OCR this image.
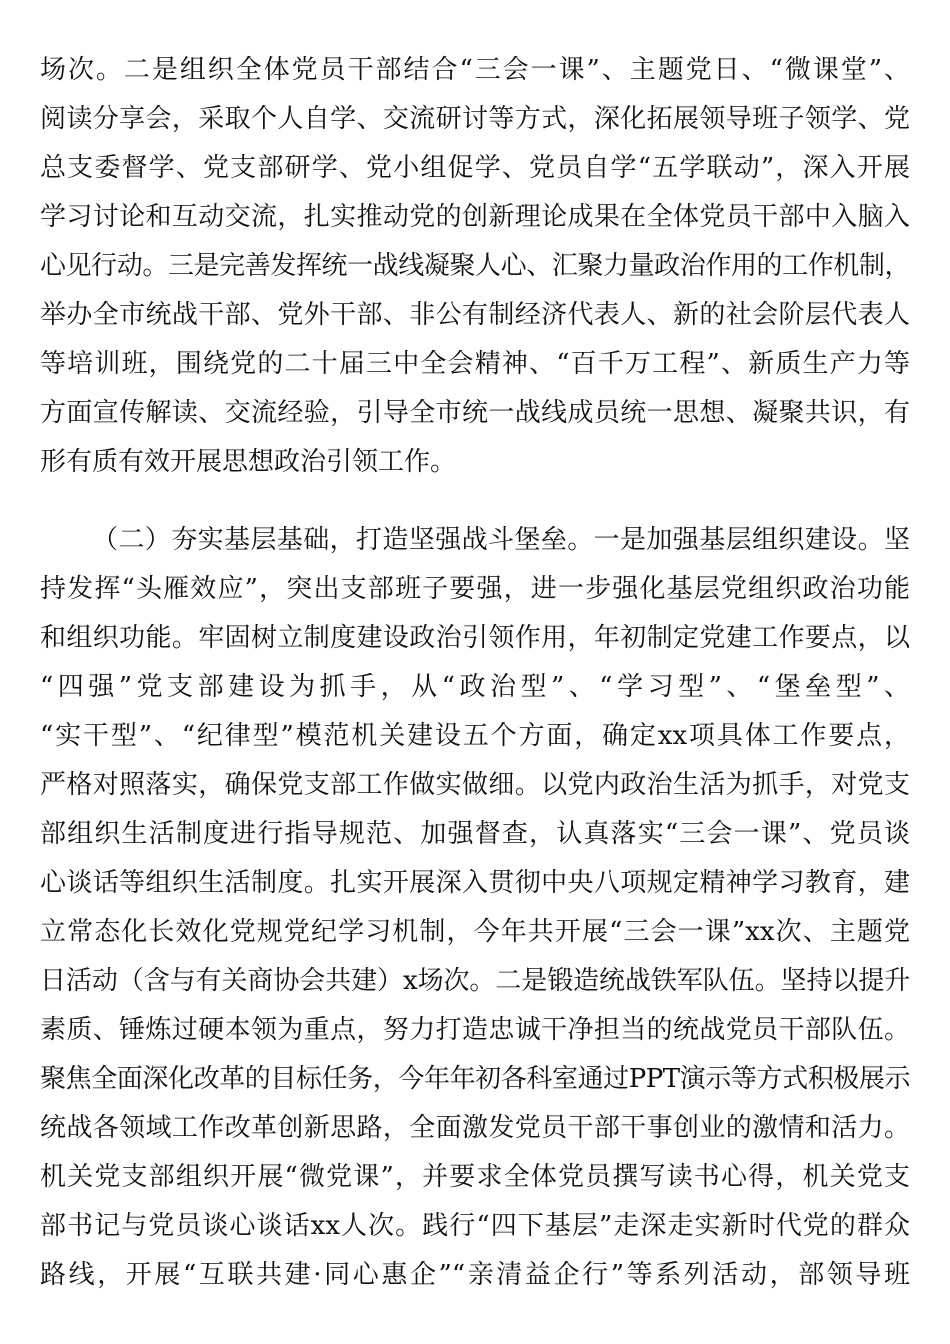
场次。二是组织全体党员干部结合“三会一课”、主题党日、“微课堂”、
阅读分享会，采取个人自学、交流研讨等方式，深化拓展领导班子领学、党
总支委督学、党支部研学、党小组促学、党员自学“五学联动”，深入开展
学习讨论和互动交流，扎实推动党的创新理论成果在全体党员干部中入脑入
心见行动。三是完善发挥统一战线凝聚人心、汇聚力量政治作用的工作机制，
举办全市统战干部、党外干部、非公有制经济代表人、新的社会阶层代表人
等培训班，围绕党的二十届三中全会精神、“百千万工程”、新质生产力等
方面宣传解读、交流经验，引导全市统一战线成员统一思想、凝聚共识，有
形有质有效开展思想政治引领工作。
（二）夯实基层基础，打造坚强战斗堡垒。一是加强基层组织建设。坚
持发挥“头雁效应”，突出支部班子要强，进一步强化基层党组织政治功能
和组织功能。牢固树立制度建设政治引领作用，年初制定党建工作要点，以
“四强”党支部建设为抓手，从“政治型”、“学习型”、“堡垒型”、
“实干型”、“纪律型”模范机关建设五个方面，确定xx项具体工作要点，
严格对照落实，确保党支部工作做实做细。以党内政治生活为抓手，对党支
部组织生活制度进行指导规范、加强督查，认真落实“三会一课”、党员谈
心谈话等组织生活制度。扎实开展深入贯彻中央八项规定精神学习教育，建
立常态化长效化党规党纪学习机制，今年共开展“三会一课”xx次、主题党
日活动（含与有关商协会共建）x场次。二是锻造统战铁军队伍。坚持以提升
素质、锤炼过硬本领为重点，努力打造忠诚干净担当的统战党员干部队伍。
聚焦全面深化改革的目标任务，今年年初各科室通过PPT演示等方式积极展示
统战各领域工作改革创新思路，全面激发党员干部干事创业的激情和活力。
机关党支部组织开展“微党课”，并要求全体党员撰写读书心得，机关党支
部书记与党员谈心谈话xx人次。践行“四下基层”走深走实新时代党的群众
路线，开展“互联共建·同心惠企”“亲清益企行”等系列活动，部领导班
